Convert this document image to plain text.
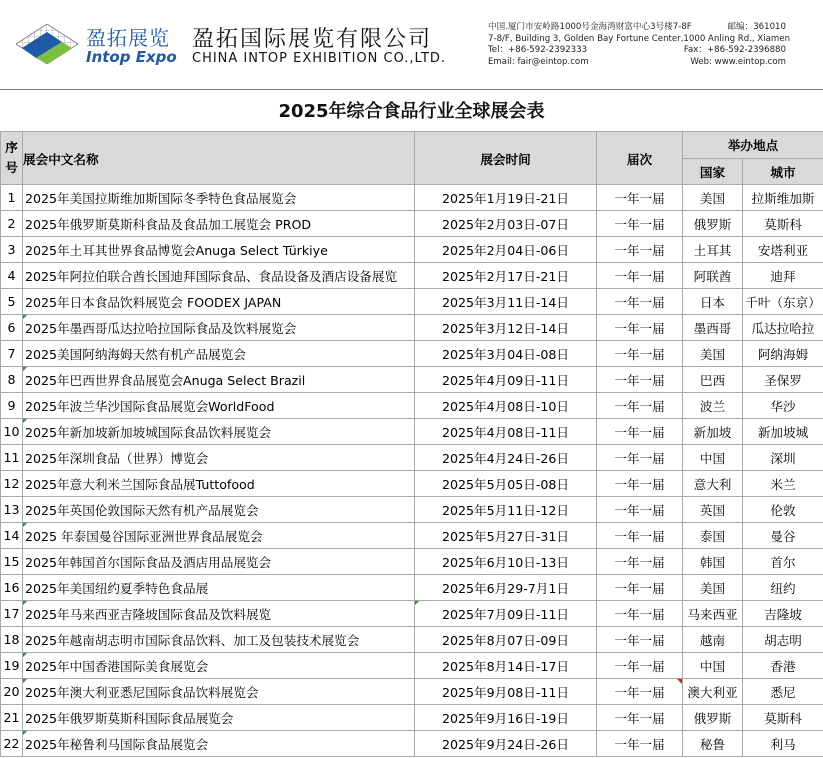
盈拓展览
Intop Expo
盈拓国际展览有限公司
CHINA INTOP EXHIBITION CO.,LTD.
中国.厦门市安岭路1000号金海湾财富中心3号楼7-8F	邮编：361010
7-8/F, Building 3, Golden Bay Fortune Center,1000 Anling Rd., Xiamen
Tel：+86-592-2392333	Fax：+86-592-2396880
Email: fair@eintop.com	Web: www.eintop.com
2025年综合食品行业全球展会表
序号	展会中文名称	展会时间	届次	举办地点	
				国家	城市
1	2025年美国拉斯维加斯国际冬季特色食品展览会	2025年1月19日-21日	一年一届	美国	拉斯维加斯
2	2025年俄罗斯莫斯科食品及食品加工展览会 PROD	2025年2月03日-07日	一年一届	俄罗斯	莫斯科
3	2025年土耳其世界食品博览会Anuga Select Türkiye	2025年2月04日-06日	一年一届	土耳其	安塔利亚
4	2025年阿拉伯联合酋长国迪拜国际食品、食品设备及酒店设备展览	2025年2月17日-21日	一年一届	阿联酋	迪拜
5	2025年日本食品饮料展览会 FOODEX JAPAN	2025年3月11日-14日	一年一届	日本	千叶（东京）
6	2025年墨西哥瓜达拉哈拉国际食品及饮料展览会	2025年3月12日-14日	一年一届	墨西哥	瓜达拉哈拉
7	2025美国阿纳海姆天然有机产品展览会	2025年3月04日-08日	一年一届	美国	阿纳海姆
8	2025年巴西世界食品展览会Anuga Select Brazil	2025年4月09日-11日	一年一届	巴西	圣保罗
9	2025年波兰华沙国际食品展览会WorldFood	2025年4月08日-10日	一年一届	波兰	华沙
10	2025年新加坡新加坡城国际食品饮料展览会	2025年4月08日-11日	一年一届	新加坡	新加坡城
11	2025年深圳食品（世界）博览会	2025年4月24日-26日	一年一届	中国	深圳
12	2025年意大利米兰国际食品展Tuttofood	2025年5月05日-08日	一年一届	意大利	米兰
13	2025年英国伦敦国际天然有机产品展览会	2025年5月11日-12日	一年一届	英国	伦敦
14	2025 年泰国曼谷国际亚洲世界食品展览会	2025年5月27日-31日	一年一届	泰国	曼谷
15	2025年韩国首尔国际食品及酒店用品展览会	2025年6月10日-13日	一年一届	韩国	首尔
16	2025年美国纽约夏季特色食品展	2025年6月29-7月1日	一年一届	美国	纽约
17	2025年马来西亚吉隆坡国际食品及饮料展览	2025年7月09日-11日	一年一届	马来西亚	吉隆坡
18	2025年越南胡志明市国际食品饮料、加工及包装技术展览会	2025年8月07日-09日	一年一届	越南	胡志明
19	2025年中国香港国际美食展览会	2025年8月14日-17日	一年一届	中国	香港
20	2025年澳大利亚悉尼国际食品饮料展览会	2025年9月08日-11日	一年一届	澳大利亚	悉尼
21	2025年俄罗斯莫斯科国际食品展览会	2025年9月16日-19日	一年一届	俄罗斯	莫斯科
22	2025年秘鲁利马国际食品展览会	2025年9月24日-26日	一年一届	秘鲁	利马
